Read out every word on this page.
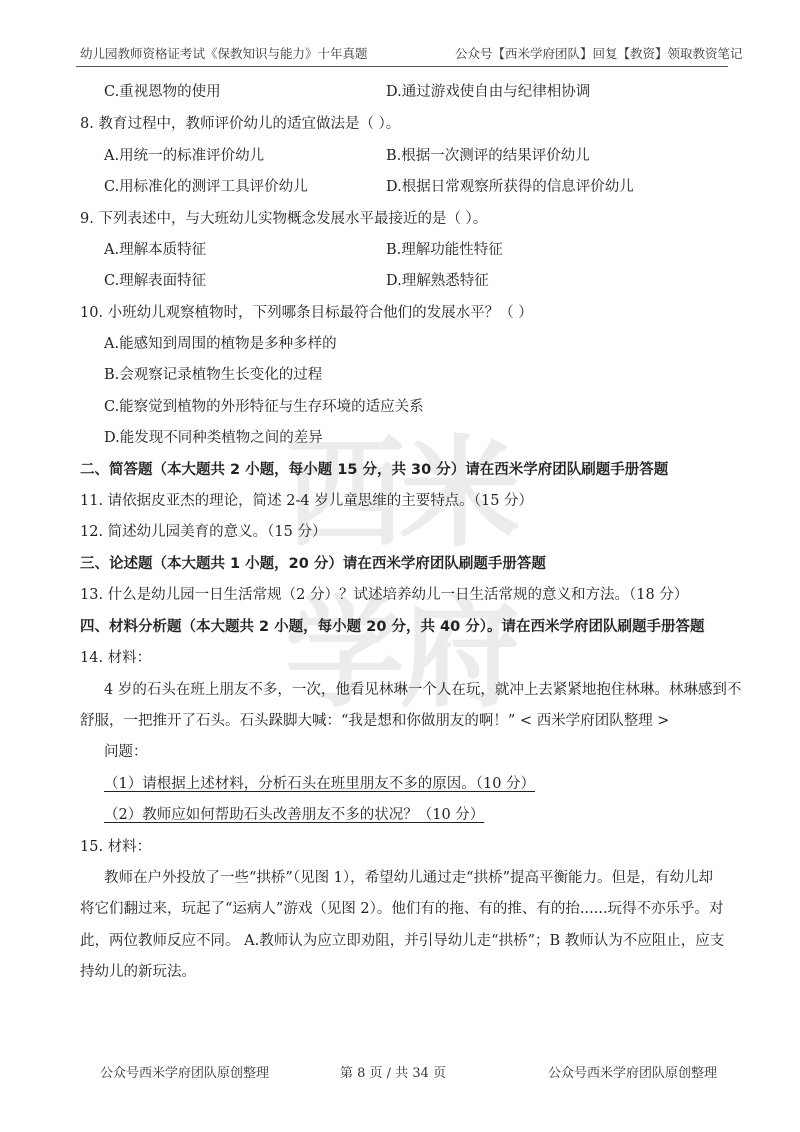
西
米
学
府
幼儿园教师资格证考试《保教知识与能力》十年真题	公众号【西米学府团队】回复【教资】领取教资笔记
C.重视恩物的使用	D.通过游戏使自由与纪律相协调
8. 教育过程中，教师评价幼儿的适宜做法是（ ）。
A.用统一的标准评价幼儿	B.根据一次测评的结果评价幼儿
C.用标准化的测评工具评价幼儿	D.根据日常观察所获得的信息评价幼儿
9. 下列表述中，与大班幼儿实物概念发展水平最接近的是（ ）。
A.理解本质特征	B.理解功能性特征
C.理解表面特征	D.理解熟悉特征
10. 小班幼儿观察植物时，下列哪条目标最符合他们的发展水平？（ ）
A.能感知到周围的植物是多种多样的
B.会观察记录植物生长变化的过程
C.能察觉到植物的外形特征与生存环境的适应关系
D.能发现不同种类植物之间的差异
二、简答题（本大题共 2 小题，每小题 15 分，共 30 分）请在西米学府团队刷题手册答题
11. 请依据皮亚杰的理论，简述 2-4 岁儿童思维的主要特点。（15 分）
12. 简述幼儿园美育的意义。（15 分）
三、论述题（本大题共 1 小题，20 分）请在西米学府团队刷题手册答题
13. 什么是幼儿园一日生活常规（2 分）？试述培养幼儿一日生活常规的意义和方法。（18 分）
四、材料分析题（本大题共 2 小题，每小题 20 分，共 40 分）。请在西米学府团队刷题手册答题
14. 材料：
4 岁的石头在班上朋友不多，一次，他看见林琳一个人在玩，就冲上去紧紧地抱住林琳。林琳感到不
舒服，一把推开了石头。石头跺脚大喊：“我是想和你做朋友的啊！” < 西米学府团队整理 >
问题：
（1）请根据上述材料，分析石头在班里朋友不多的原因。（10 分）
（2）教师应如何帮助石头改善朋友不多的状况？（10 分）
15. 材料：
教师在户外投放了一些“拱桥”（见图 1），希望幼儿通过走“拱桥”提高平衡能力。但是，有幼儿却
将它们翻过来，玩起了“运病人”游戏（见图 2）。他们有的拖、有的推、有的抬......玩得不亦乐乎。对
此，两位教师反应不同。 A.教师认为应立即劝阻，并引导幼儿走“拱桥”；B 教师认为不应阻止，应支
持幼儿的新玩法。
公众号西米学府团队原创整理	第 8 页 / 共 34 页	公众号西米学府团队原创整理
